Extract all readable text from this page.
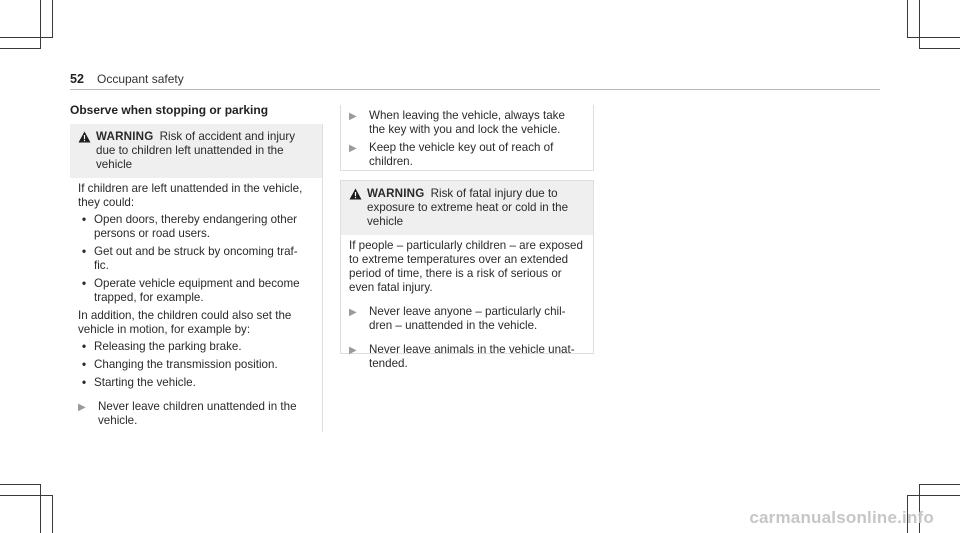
52 Occupant safety
Observe when stopping or parking
WARNING Risk of accident and injury due to children left unattended in the vehicle

If children are left unattended in the vehicle, they could:

• Open doors, thereby endangering other persons or road users.
• Get out and be struck by oncoming traf-fic.
• Operate vehicle equipment and become trapped, for example.

In addition, the children could also set the vehicle in motion, for example by:

• Releasing the parking brake.
• Changing the transmission position.
• Starting the vehicle.
▶	Never leave children unattended in the vehicle.
▶	When leaving the vehicle, always take the key with you and lock the vehicle.
▶	Keep the vehicle key out of reach of children.
WARNING Risk of fatal injury due to exposure to extreme heat or cold in the vehicle

If people – particularly children – are exposed to extreme temperatures over an extended period of time, there is a risk of serious or even fatal injury.

▶	Never leave anyone – particularly chil-dren – unattended in the vehicle.
▶	Never leave animals in the vehicle unat-tended.
carmanualsonline.info
